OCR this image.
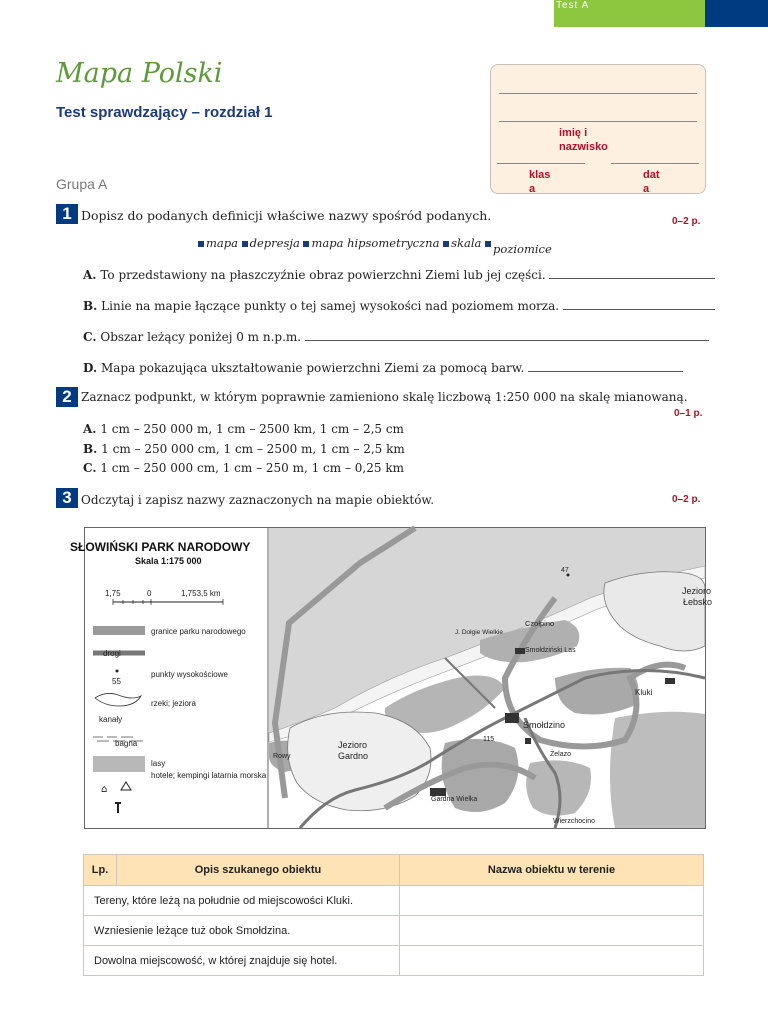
Test A
Mapa Polski
Test sprawdzający – rozdział 1
Grupa A
imię i
nazwisko
klas
a
dat
a
1 Dopisz do podanych definicji właściwe nazwy spośród podanych.	0–2 p.
mapa depresja mapa hipsometryczna skala poziomice
A. To przedstawiony na płaszczyźnie obraz powierzchni Ziemi lub jej części.
B. Linie na mapie łączące punkty o tej samej wysokości nad poziomem morza.
C. Obszar leżący poniżej 0 m n.p.m.
D. Mapa pokazująca ukształtowanie powierzchni Ziemi za pomocą barw.
2 Zaznacz podpunkt, w którym poprawnie zamieniono skalę liczbową 1:250 000 na skalę mianowaną.
0–1 p.
A. 1 cm – 250 000 m, 1 cm – 2500 km, 1 cm – 2,5 cm
B. 1 cm – 250 000 cm, 1 cm – 2500 m, 1 cm – 2,5 km
C. 1 cm – 250 000 cm, 1 cm – 250 m, 1 cm – 0,25 km
3 Odczytaj i zapisz nazwy zaznaczonych na mapie obiektów.	0–2 p.
SŁOWIŃSKI PARK NARODOWY
Skala 1:175 000
1,75	0	1,753,5 km
granice parku narodowego
drogi
punkty wysokościowe
55
rzeki; jeziora
kanały
bagna
lasy
hotele; kempingi latarnia morska
⌂
Jezioro
Łebsko
47
Czołpino
J. Dołgie Wielkie
Smołdziński Las
Kluki
Smołdzino
115
Żelazo
Jezioro
Gardno
Rowy
Gardna Wielka
Wierzchocino
Lp.	Opis szukanego obiektu	Nazwa obiektu w terenie
Tereny, które leżą na południe od miejscowości Kluki.		
Wzniesienie leżące tuż obok Smołdzina.		
Dowolna miejscowość, w której znajduje się hotel.		
